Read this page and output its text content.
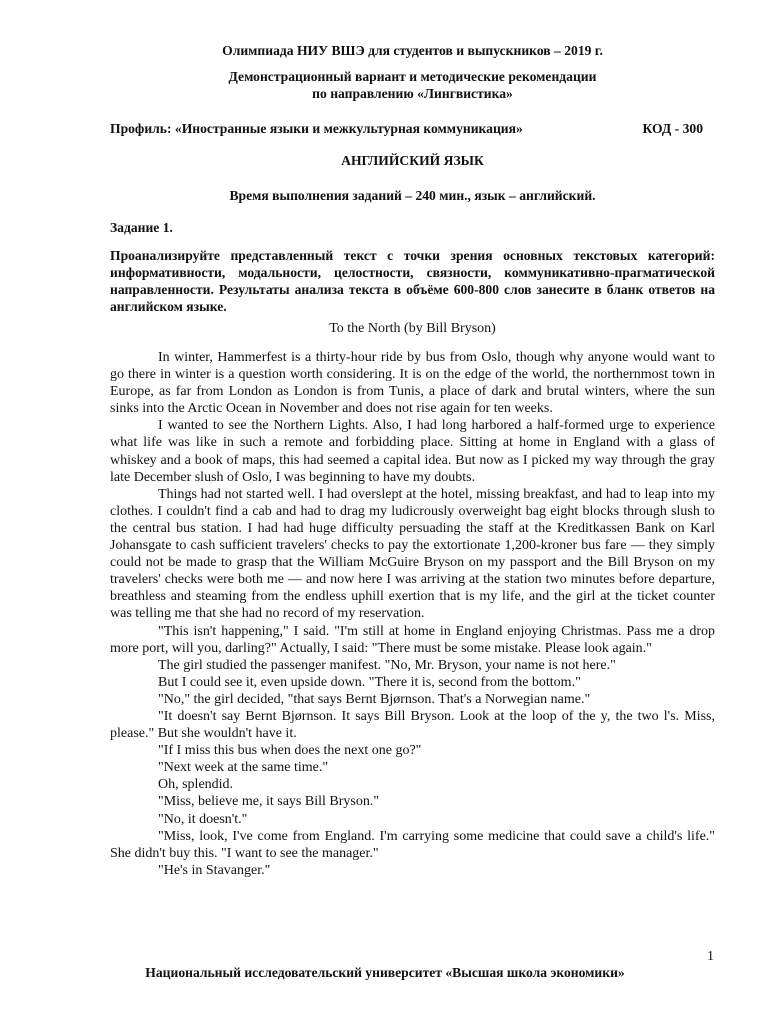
Олимпиада НИУ ВШЭ для студентов и выпускников – 2019 г.
Демонстрационный вариант и методические рекомендации
по направлению «Лингвистика»
Профиль: «Иностранные языки и межкультурная коммуникация»	КОД - 300
АНГЛИЙСКИЙ ЯЗЫК
Время выполнения заданий – 240 мин., язык – английский.
Задание 1.
Проанализируйте представленный текст с точки зрения основных текстовых категорий: информативности, модальности, целостности, связности, коммуникативно-прагматической направленности. Результаты анализа текста в объёме 600-800 слов занесите в бланк ответов на английском языке.
To the North (by Bill Bryson)

In winter, Hammerfest is a thirty-hour ride by bus from Oslo, though why anyone would want to go there in winter is a question worth considering. It is on the edge of the world, the northernmost town in Europe, as far from London as London is from Tunis, a place of dark and brutal winters, where the sun sinks into the Arctic Ocean in November and does not rise again for ten weeks.

I wanted to see the Northern Lights. Also, I had long harbored a half-formed urge to experience what life was like in such a remote and forbidding place. Sitting at home in England with a glass of whiskey and a book of maps, this had seemed a capital idea. But now as I picked my way through the gray late December slush of Oslo, I was beginning to have my doubts.

Things had not started well. I had overslept at the hotel, missing breakfast, and had to leap into my clothes. I couldn't find a cab and had to drag my ludicrously overweight bag eight blocks through slush to the central bus station. I had had huge difficulty persuading the staff at the Kreditkassen Bank on Karl Johansgate to cash sufficient travelers' checks to pay the extortionate 1,200-kroner bus fare — they simply could not be made to grasp that the William McGuire Bryson on my passport and the Bill Bryson on my travelers' checks were both me — and now here I was arriving at the station two minutes before departure, breathless and steaming from the endless uphill exertion that is my life, and the girl at the ticket counter was telling me that she had no record of my reservation.

"This isn't happening," I said. "I'm still at home in England enjoying Christmas. Pass me a drop more port, will you, darling?" Actually, I said: "There must be some mistake. Please look again."

The girl studied the passenger manifest. "No, Mr. Bryson, your name is not here."

But I could see it, even upside down. "There it is, second from the bottom."

"No," the girl decided, "that says Bernt Bjørnson. That's a Norwegian name."

"It doesn't say Bernt Bjørnson. It says Bill Bryson. Look at the loop of the y, the two l's. Miss, please." But she wouldn't have it.

"If I miss this bus when does the next one go?"

"Next week at the same time."

Oh, splendid.

"Miss, believe me, it says Bill Bryson."

"No, it doesn't."

"Miss, look, I've come from England. I'm carrying some medicine that could save a child's life." She didn't buy this. "I want to see the manager."

"He's in Stavanger."

1
Национальный исследовательский университет «Высшая школа экономики»
